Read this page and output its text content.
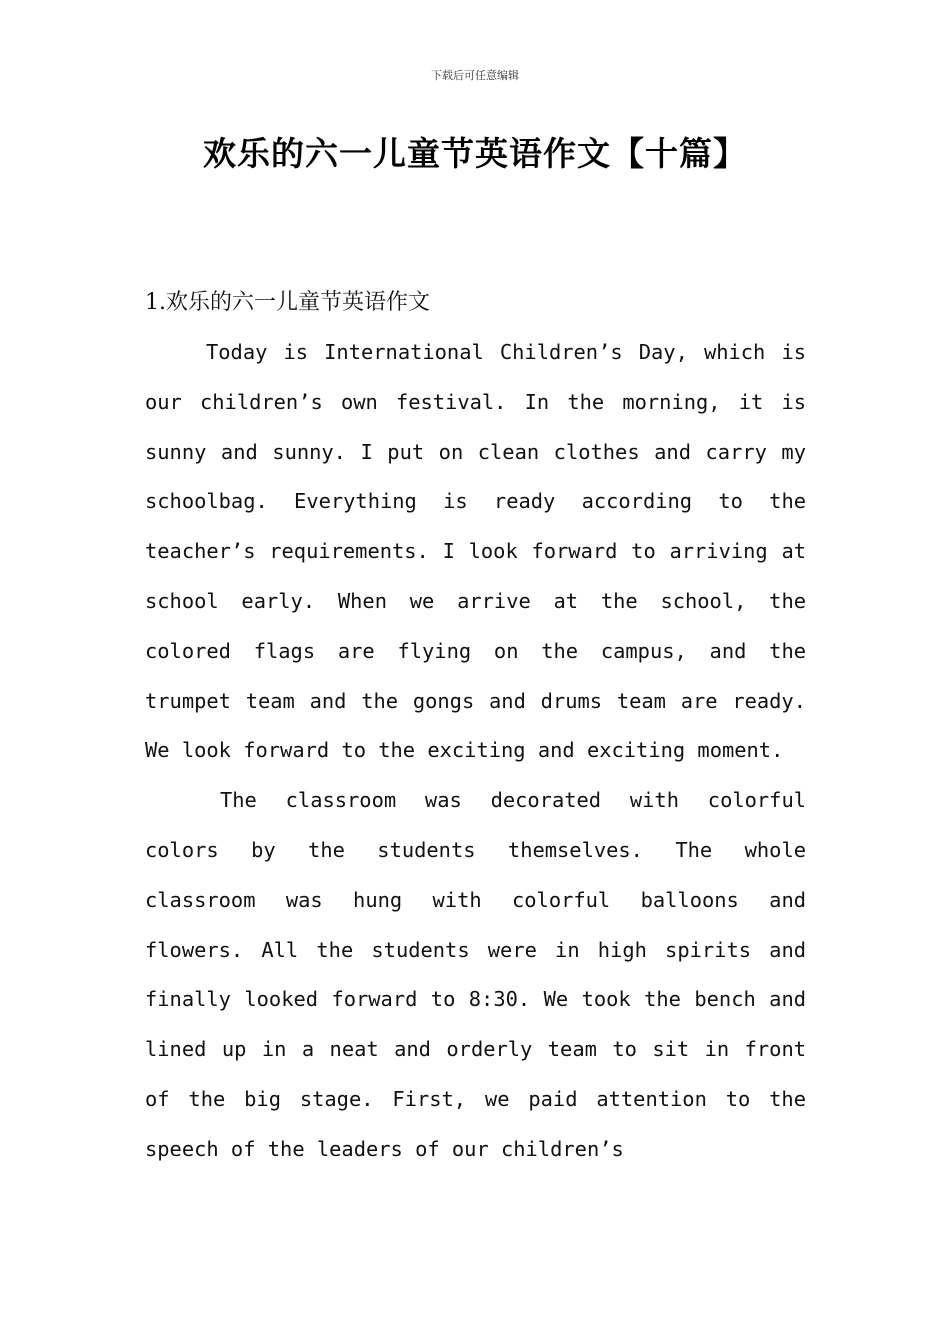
下载后可任意编辑
欢乐的六一儿童节英语作文【十篇】

1.欢乐的六一儿童节英语作文

Today is International Children’s Day, which is our children’s own festival. In the morning, it is sunny and sunny. I put on clean clothes and carry my schoolbag. Everything is ready according to the teacher’s requirements. I look forward to arriving at school early. When we arrive at the school, the colored flags are flying on the campus, and the trumpet team and the gongs and drums team are ready. We look forward to the exciting and exciting moment.

The classroom was decorated with colorful colors by the students themselves. The whole classroom was hung with colorful balloons and flowers. All the students were in high spirits and finally looked forward to 8:30. We took the bench and lined up in a neat and orderly team to sit in front of the big stage. First, we paid attention to the speech of the leaders of our children’s
